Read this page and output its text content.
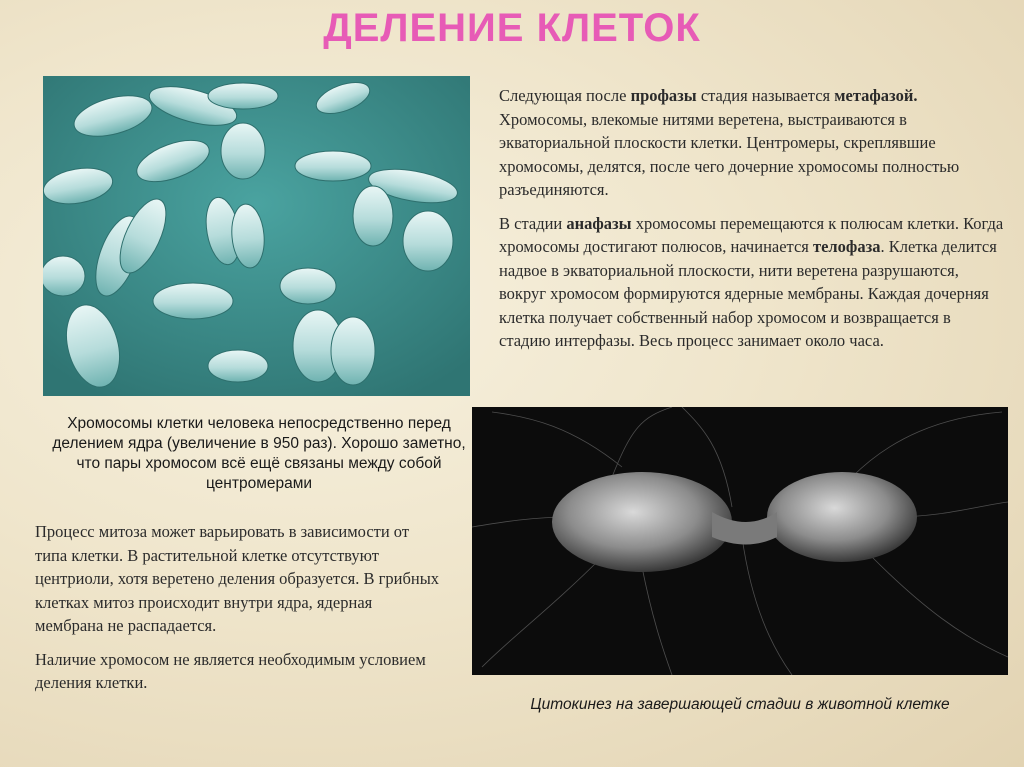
ДЕЛЕНИЕ КЛЕТОК
Хромосомы клетки человека непосредственно перед делением ядра (увеличение в 950 раз). Хорошо заметно, что пары хромосом всё ещё связаны между собой центромерами

Следующая после профазы стадия называется метафазой. Хромосомы, влекомые нитями веретена, выстраиваются в экваториальной плоскости клетки. Центромеры, скреплявшие хромосомы, делятся, после чего дочерние хромосомы полностью разъединяются.

В стадии анафазы хромосомы перемещаются к полюсам клетки. Когда хромосомы достигают полюсов, начинается телофаза. Клетка делится надвое в экваториальной плоскости, нити веретена разрушаются, вокруг хромосом формируются ядерные мембраны. Каждая дочерняя клетка получает собственный набор хромосом и возвращается в стадию интерфазы. Весь процесс занимает около часа.

Цитокинез на завершающей стадии в животной клетке

Процесс митоза может варьировать в зависимости от типа клетки. В растительной клетке отсутствуют центриоли, хотя веретено деления образуется. В грибных клетках митоз происходит внутри ядра, ядерная мембрана не распадается.

Наличие хромосом не является необходимым условием деления клетки.
